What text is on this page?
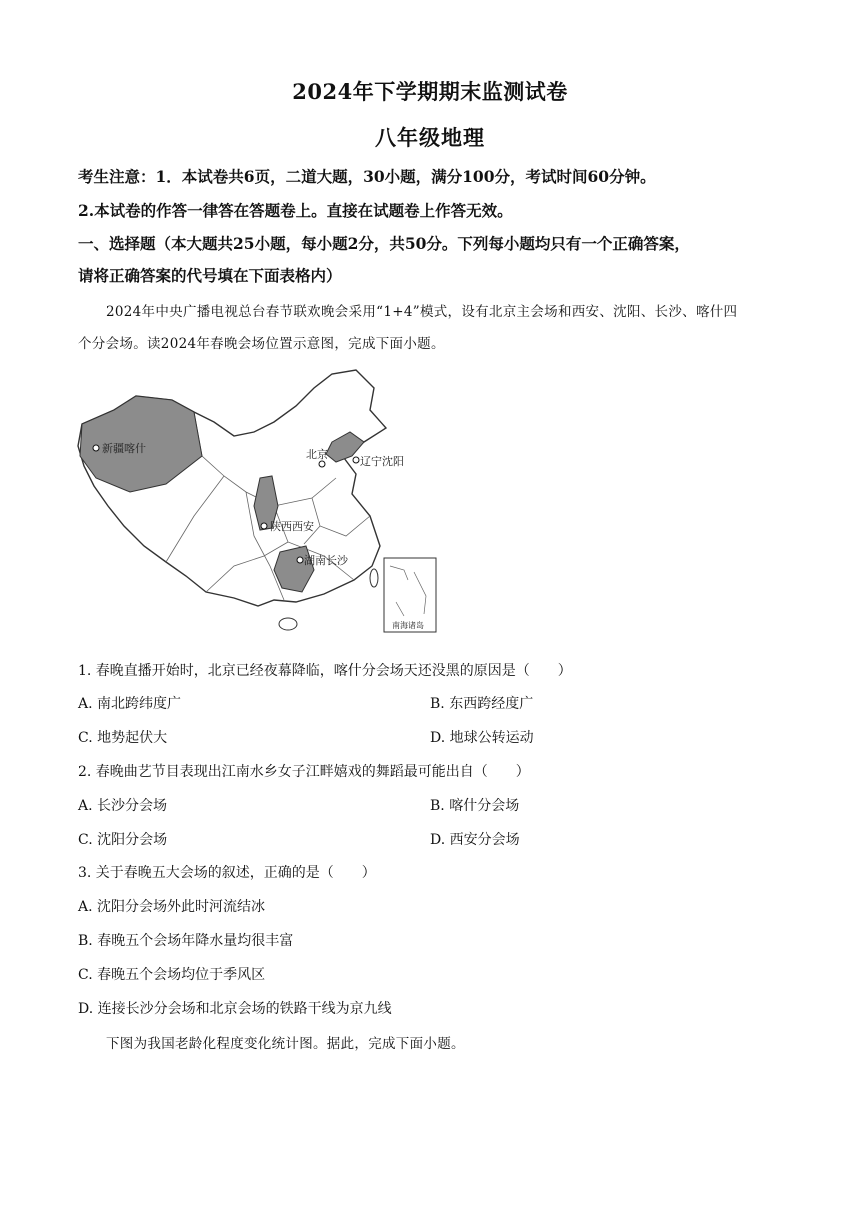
2024年下学期期末监测试卷
八年级地理
考生注意：1．本试卷共6页，二道大题，30小题，满分100分，考试时间60分钟。
2.本试卷的作答一律答在答题卷上。直接在试题卷上作答无效。
一、选择题（本大题共25小题，每小题2分，共50分。下列每小题均只有一个正确答案，
请将正确答案的代号填在下面表格内）
2024年中央广播电视总台春节联欢晚会采用“1+4”模式，设有北京主会场和西安、沈阳、长沙、喀什四
个分会场。读2024年春晚会场位置示意图，完成下面小题。
新疆喀什	北京
辽宁沈阳
陕西西安
湖南长沙
南海诸岛
1. 春晚直播开始时，北京已经夜幕降临，喀什分会场天还没黑的原因是（　　）
A. 南北跨纬度广	B. 东西跨经度广
C. 地势起伏大	D. 地球公转运动
2. 春晚曲艺节目表现出江南水乡女子江畔嬉戏的舞蹈最可能出自（　　）
A. 长沙分会场	B. 喀什分会场
C. 沈阳分会场	D. 西安分会场
3. 关于春晚五大会场的叙述，正确的是（　　）
A. 沈阳分会场外此时河流结冰
B. 春晚五个会场年降水量均很丰富
C. 春晚五个会场均位于季风区
D. 连接长沙分会场和北京会场的铁路干线为京九线
下图为我国老龄化程度变化统计图。据此，完成下面小题。
